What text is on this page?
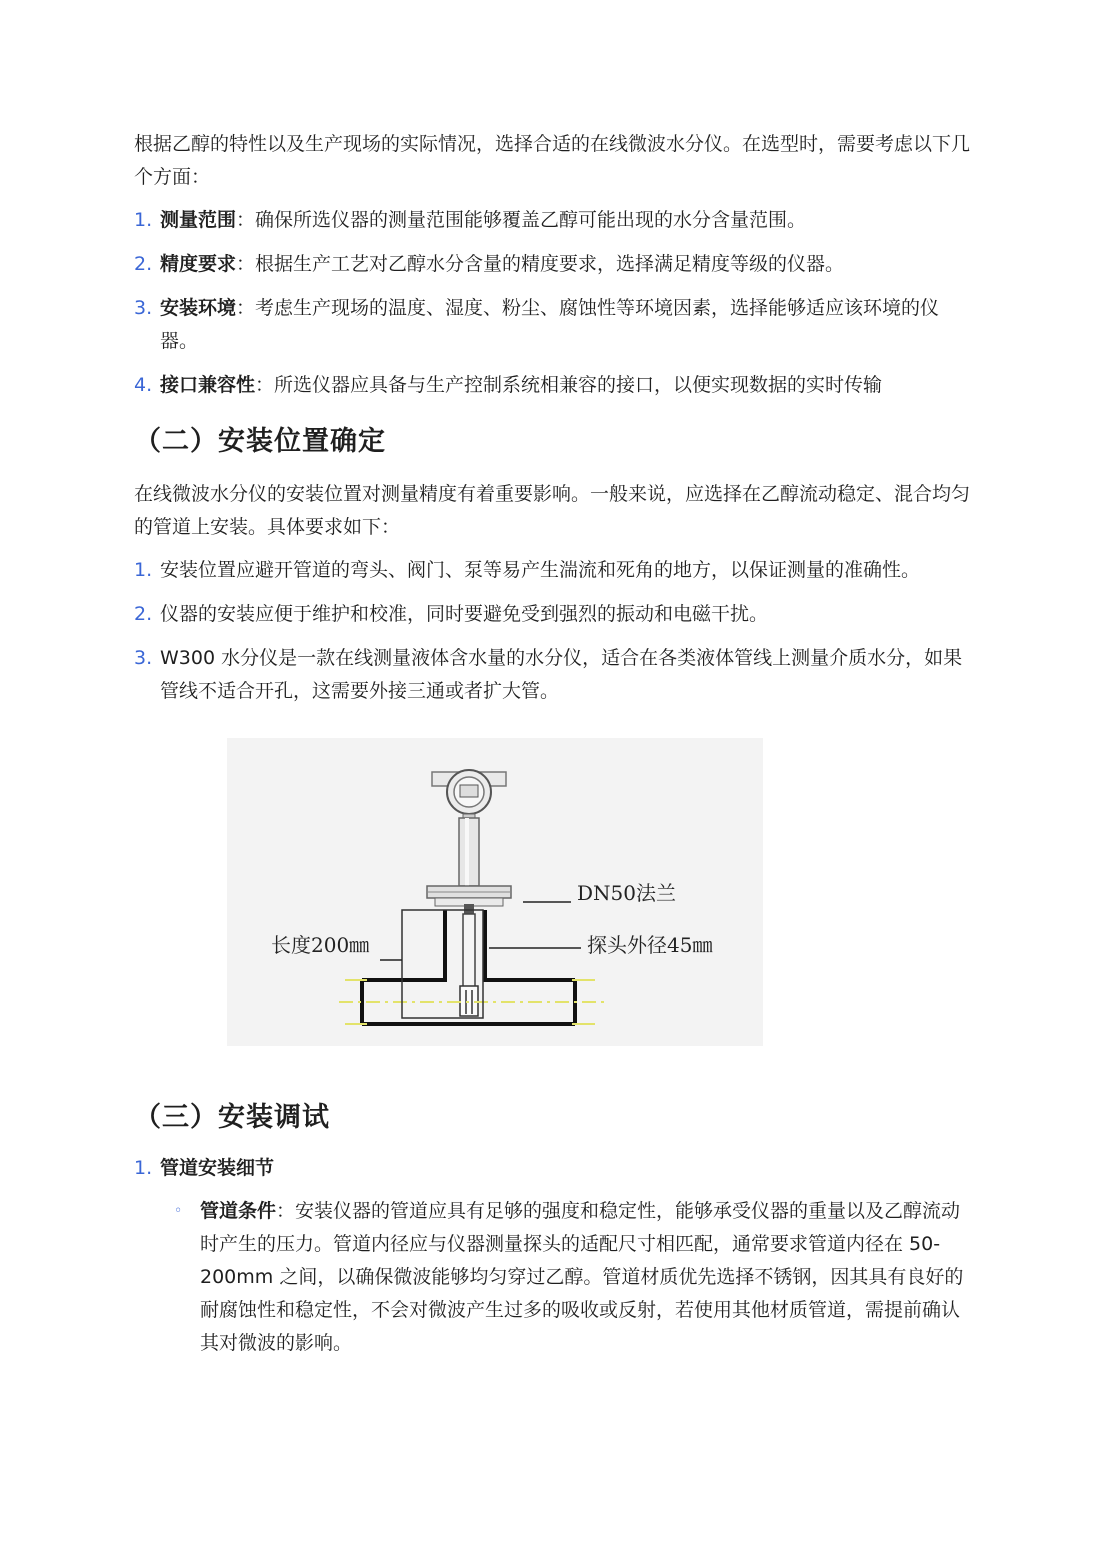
根据乙醇的特性以及生产现场的实际情况，选择合适的在线微波水分仪。在选型时，需要考虑以下几个方面：

1. 测量范围：确保所选仪器的测量范围能够覆盖乙醇可能出现的水分含量范围。
2. 精度要求：根据生产工艺对乙醇水分含量的精度要求，选择满足精度等级的仪器。
3. 安装环境：考虑生产现场的温度、湿度、粉尘、腐蚀性等环境因素，选择能够适应该环境的仪器。
4. 接口兼容性：所选仪器应具备与生产控制系统相兼容的接口，以便实现数据的实时传输
（二）安装位置确定

在线微波水分仪的安装位置对测量精度有着重要影响。一般来说，应选择在乙醇流动稳定、混合均匀的管道上安装。具体要求如下：

1. 安装位置应避开管道的弯头、阀门、泵等易产生湍流和死角的地方，以保证测量的准确性。
2. 仪器的安装应便于维护和校准，同时要避免受到强烈的振动和电磁干扰。
3. W300 水分仪是一款在线测量液体含水量的水分仪，适合在各类液体管线上测量介质水分，如果管线不适合开孔，这需要外接三通或者扩大管。
DN50法兰
探头外径45㎜
长度200㎜
（三）安装调试
1. 管道安装细节
◦ 管道条件：安装仪器的管道应具有足够的强度和稳定性，能够承受仪器的重量以及乙醇流动时产生的压力。管道内径应与仪器测量探头的适配尺寸相匹配，通常要求管道内径在 50-200mm 之间，以确保微波能够均匀穿过乙醇。管道材质优先选择不锈钢，因其具有良好的耐腐蚀性和稳定性，不会对微波产生过多的吸收或反射，若使用其他材质管道，需提前确认其对微波的影响。
